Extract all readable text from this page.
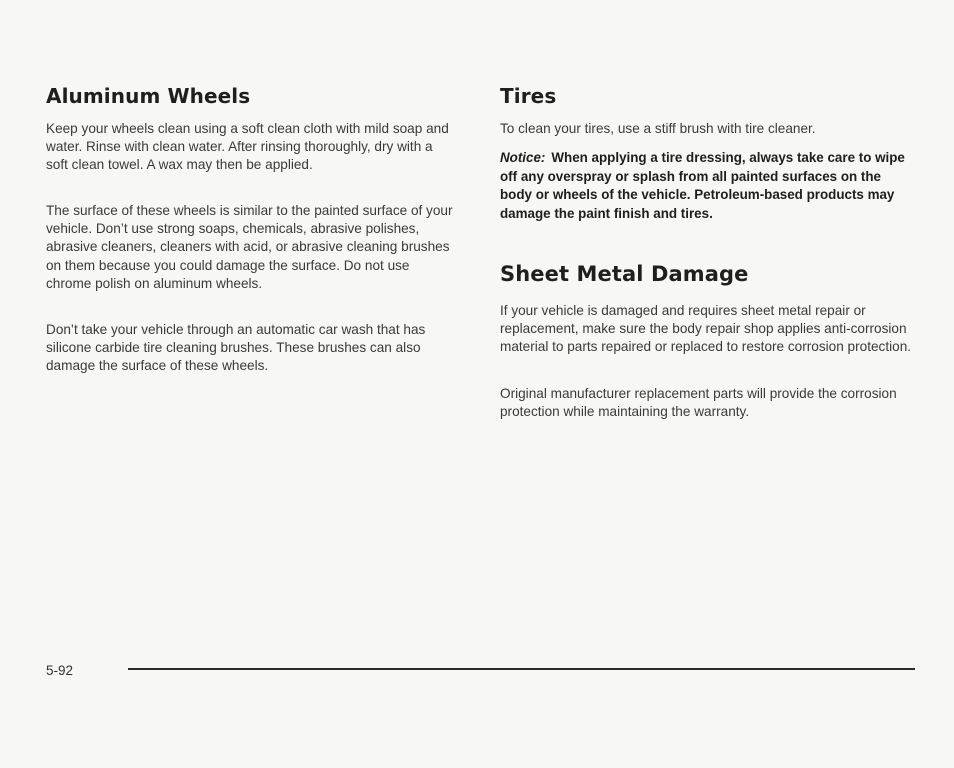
Aluminum Wheels

Keep your wheels clean using a soft clean cloth with mild soap and water. Rinse with clean water. After rinsing thoroughly, dry with a soft clean towel. A wax may then be applied.

The surface of these wheels is similar to the painted surface of your vehicle. Don’t use strong soaps, chemicals, abrasive polishes, abrasive cleaners, cleaners with acid, or abrasive cleaning brushes on them because you could damage the surface. Do not use chrome polish on aluminum wheels.

Don’t take your vehicle through an automatic car wash that has silicone carbide tire cleaning brushes. These brushes can also damage the surface of these wheels.

Tires

To clean your tires, use a stiff brush with tire cleaner.

Notice: When applying a tire dressing, always take care to wipe off any overspray or splash from all painted surfaces on the body or wheels of the vehicle. Petroleum-based products may damage the paint finish and tires.

Sheet Metal Damage

If your vehicle is damaged and requires sheet metal repair or replacement, make sure the body repair shop applies anti-corrosion material to parts repaired or replaced to restore corrosion protection.

Original manufacturer replacement parts will provide the corrosion protection while maintaining the warranty.

5-92
